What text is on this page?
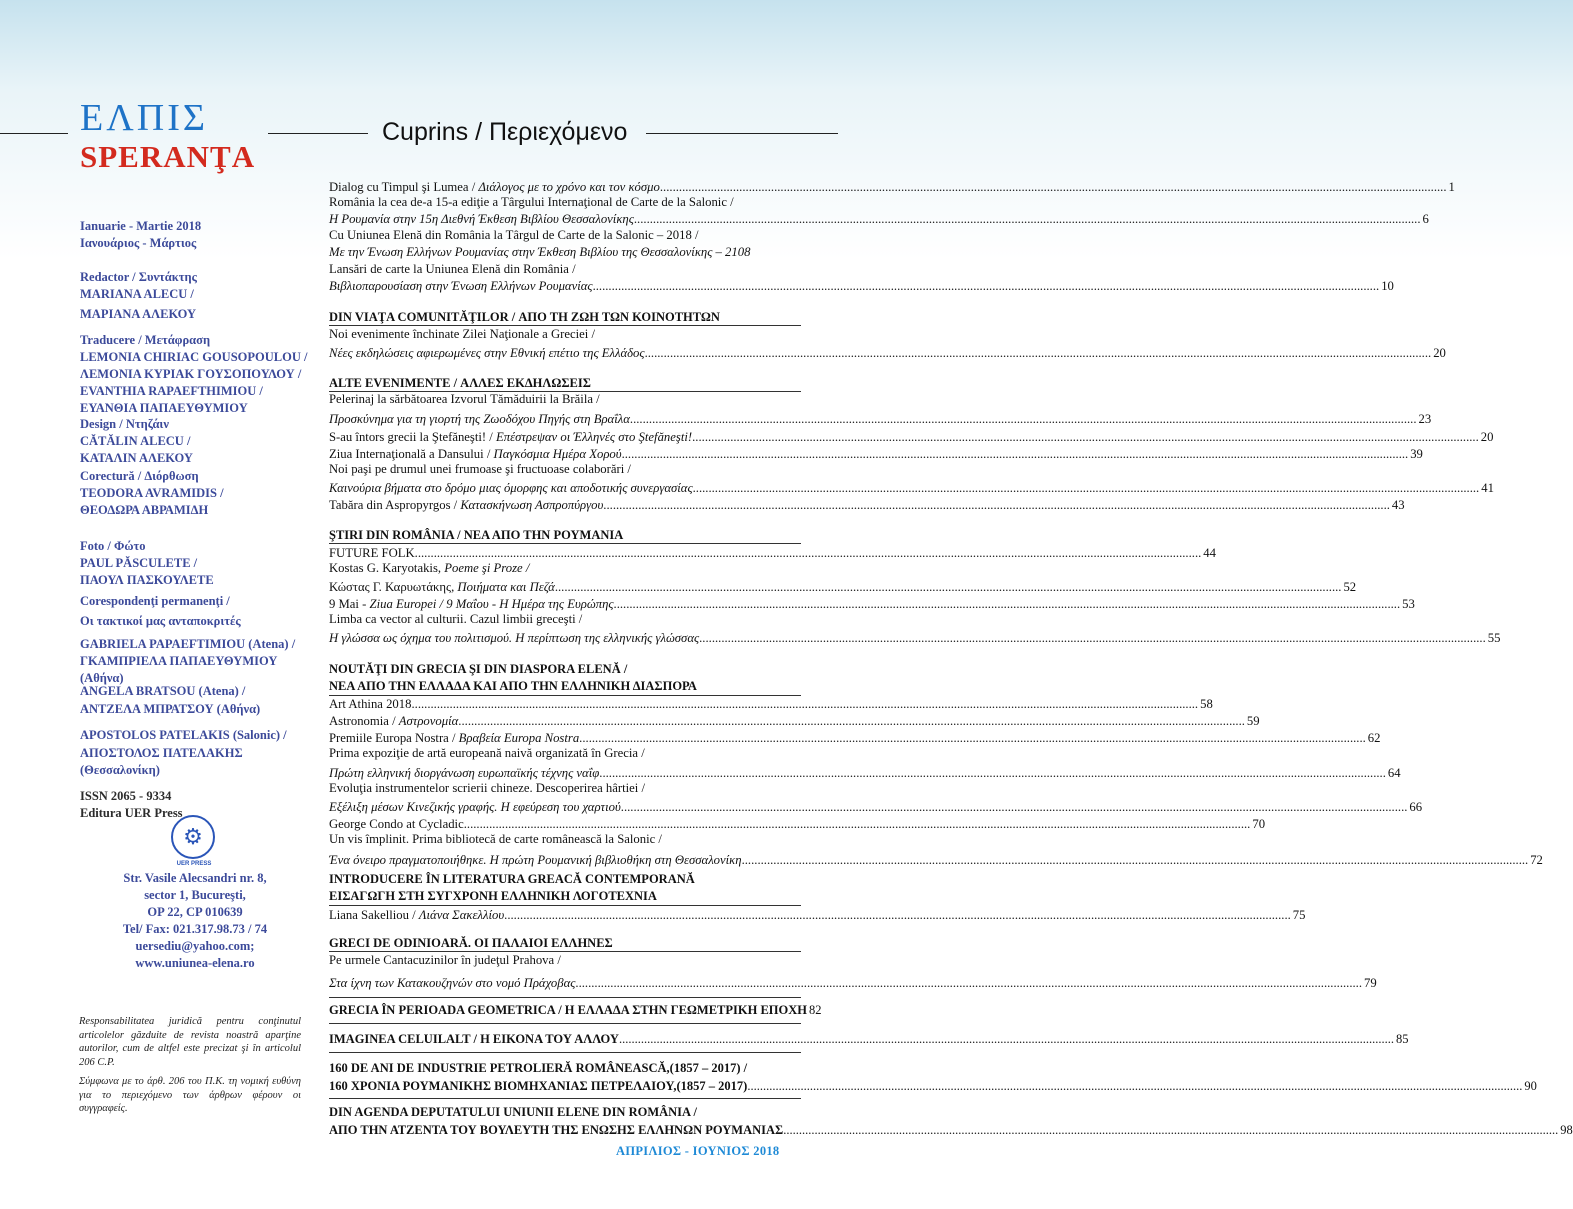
ΕΛΠΙΣ
SPERANŢA
Cuprins / Περιεχόμενο
Ianuarie - Martie 2018
Ιανουάριος - Μάρτιος
Redactor / Συντάκτης
MARIANA ALECU /
ΜΑΡΙΑΝΑ ΑΛΕΚΟΥ
Traducere / Μετάφραση
LEMONIA CHIRIAC GOUSOPOULOU /
ΛΕΜΟΝΙΑ ΚΥΡΙΑΚ ΓΟΥΣΟΠΟΥΛΟΥ /
EVANTHIA RAPAEFTHIMIOU /
ΕΥΑΝΘΙΑ ΠΑΠΑΕΥΘΥΜΙΟΥ
Design / Ντηζάιν
CĂTĂLIN ALECU /
ΚΑΤΑΛΙΝ ΑΛΕΚΟΥ
Corectură / Διόρθωση
TEODORA AVRAMIDIS /
ΘΕΟΔΩΡΑ ΑΒΡΑΜΙΔΗ
Foto / Φώτο
PAUL PĂSCULETE /
ΠΑΟΥΛ ΠΑΣΚΟΥΛΕΤΕ
Corespondenţi permanenţi /
Οι τακτικοί μας ανταποκριτές
GABRIELA PAPAEFTIMIOU (Atena) /
ΓΚΑΜΠΡΙΕΛΑ ΠΑΠΑΕΥΘΥΜΙΟΥ (Αθήνα)
ANGELA BRATSOU (Atena) /
ΑΝΤΖΕΛΑ ΜΠΡΑΤΣΟΥ (Αθήνα)
APOSTOLOS PATELAKIS (Salonic) /
ΑΠΟΣΤΟΛΟΣ ΠΑΤΕΛΑΚΗΣ (Θεσσαλονίκη)
ISSN 2065 - 9334
Editura UER Press
⚙
UER PRESS
Str. Vasile Alecsandri nr. 8,
sector 1, Bucureşti,
OP 22, CP 010639
Tel/ Fax: 021.317.98.73 / 74
uersediu@yahoo.com;
www.uniunea-elena.ro

Responsabilitatea juridică pentru conţinutul articolelor găzduite de revista noastră aparţine autorilor, cum de altfel este precizat şi în articolul 206 C.P.

Σύμφωνα με το άρθ. 206 του Π.Κ. τη νομική ευθύνη για το περιεχόμενο των άρθρων φέρουν οι συγγραφείς.

Dialog cu Timpul şi Lumea / Διάλογος με το χρόνο και τον κόσμο .....	1
România la cea de-a 15-a ediţie a Târgului Internaţional de Carte de la Salonic /
Η Ρουμανία στην 15η Διεθνή Έκθεση Βιβλίου Θεσσαλονίκης .....	6
Cu Uniunea Elenă din România la Târgul de Carte de la Salonic – 2018 /
Με την Ένωση Ελλήνων Ρουμανίας στην Έκθεση Βιβλίου της Θεσσαλονίκης – 2108
Lansări de carte la Uniunea Elenă din România /
Βιβλιοπαρουσίαση στην Ένωση Ελλήνων Ρουμανίας .....	10
DIN VIAŢA COMUNITĂŢILOR / ΑΠΟ ΤΗ ΖΩΗ ΤΩΝ ΚΟΙΝΟΤΗΤΩΝ
Noi evenimente închinate Zilei Naţionale a Greciei /
Νέες εκδηλώσεις αφιερωμένες στην Εθνική επέτιο της Ελλάδος .....	20
ALTE EVENIMENTE / ΑΛΛΕΣ ΕΚΔΗΛΩΣΕΙΣ
Pelerinaj la sărbătoarea Izvorul Tămăduirii la Brăila /
Προσκύνημα για τη γιορτή της Ζωοδόχου Πηγής στη Βραΐλα .....	23
S-au întors grecii la Ştefăneşti! / Επέστρεψαν οι Έλληνές στο Ştefăneşti! .....	20
Ziua Internaţională a Dansului / Παγκόσμια Ημέρα Χορού .....	39
Noi paşi pe drumul unei frumoase şi fructuoase colaborări /
Καινούρια βήματα στο δρόμο μιας όμορφης και αποδοτικής συνεργασίας .....	41
Tabăra din Aspropyrgos / Κατασκήνωση Ασπροπύργου .....	43
ŞTIRI DIN ROMÂNIA / ΝΕΑ ΑΠΟ ΤΗΝ ΡΟΥΜΑΝΙΑ
FUTURE FOLK .....	44
Kostas G. Karyotakis, Poeme şi Proze /
Κώστας Γ. Καρυωτάκης, Ποιήματα και Πεζά .....	52
9 Mai - Ziua Europei / 9 Μαΐου - Η Ημέρα της Ευρώπης .....	53
Limba ca vector al culturii. Cazul limbii greceşti /
Η γλώσσα ως όχημα του πολιτισμού. Η περίπτωση της ελληνικής γλώσσας .....	55
NOUTĂŢI DIN GRECIA ŞI DIN DIASPORA ELENĂ /
ΝΕΑ ΑΠΟ ΤΗΝ ΕΛΛΑΔΑ ΚΑΙ ΑΠΟ ΤΗΝ ΕΛΛΗΝΙΚΗ ΔΙΑΣΠΟΡΑ
Art Athina 2018 .....	58
Astronomia / Αστρονομία .....	59
Premiile Europa Nostra / Βραβεία Europa Nostra .....	62
Prima expoziţie de artă europeană naivă organizată în Grecia /
Πρώτη ελληνική διοργάνωση ευρωπαϊκής τέχνης ναΐφ .....	64
Evoluţia instrumentelor scrierii chineze. Descoperirea hârtiei /
Εξέλιξη μέσων Κινεζικής γραφής. Η εφεύρεση του χαρτιού .....	66
George Condo at Cycladic .....	70
Un vis împlinit. Prima bibliotecă de carte românească la Salonic /
Ένα όνειρο πραγματοποιήθηκε. Η πρώτη Ρουμανική βιβλιοθήκη στη Θεσσαλονίκη .....	72
INTRODUCERE ÎN LITERATURA GREACĂ CONTEMPORANĂ
ΕΙΣΑΓΩΓΗ ΣΤΗ ΣΥΓΧΡΟΝΗ ΕΛΛΗΝΙΚΗ ΛΟΓΟΤΕΧΝΙΑ
Liana Sakelliou / Λιάνα Σακελλίου .....	75
GRECI DE ODINIOARĂ. ΟΙ ΠΑΛΑΙΟΙ ΕΛΛΗΝΕΣ
Pe urmele Cantacuzinilor în judeţul Prahova /
Στα ίχνη των Κατακουζηνών στο νομό Πράχοβας .....	79
GRECIA ÎN PERIOADA GEOMETRICA / Η ΕΛΛΑΔΑ ΣΤΗΝ ΓΕΩΜΕΤΡΙΚΗ ΕΠΟΧΗ 82
IMAGINEA CELUILALT / Η ΕΙΚΟΝΑ ΤΟΥ ΑΛΛΟΥ .....	85
160 DE ANI DE INDUSTRIE PETROLIERĂ ROMÂNEASCĂ,(1857 – 2017) /
160 ΧΡΟΝΙΑ ΡΟΥΜΑΝΙΚΗΣ ΒΙΟΜΗΧΑΝΙΑΣ ΠΕΤΡΕΛΑΙΟΥ,(1857 – 2017) .....	90
DIN AGENDA DEPUTATULUI UNIUNII ELENE DIN ROMÂNIA /
ΑΠΟ ΤΗΝ ΑΤΖΕΝΤΑ ΤΟΥ ΒΟΥΛΕΥΤΗ ΤΗΣ ΕΝΩΣΗΣ ΕΛΛΗΝΩΝ ΡΟΥΜΑΝΙΑΣ .....	98
ΑΠΡΙΛΙΟΣ - ΙΟΥΝΙΟΣ 2018
